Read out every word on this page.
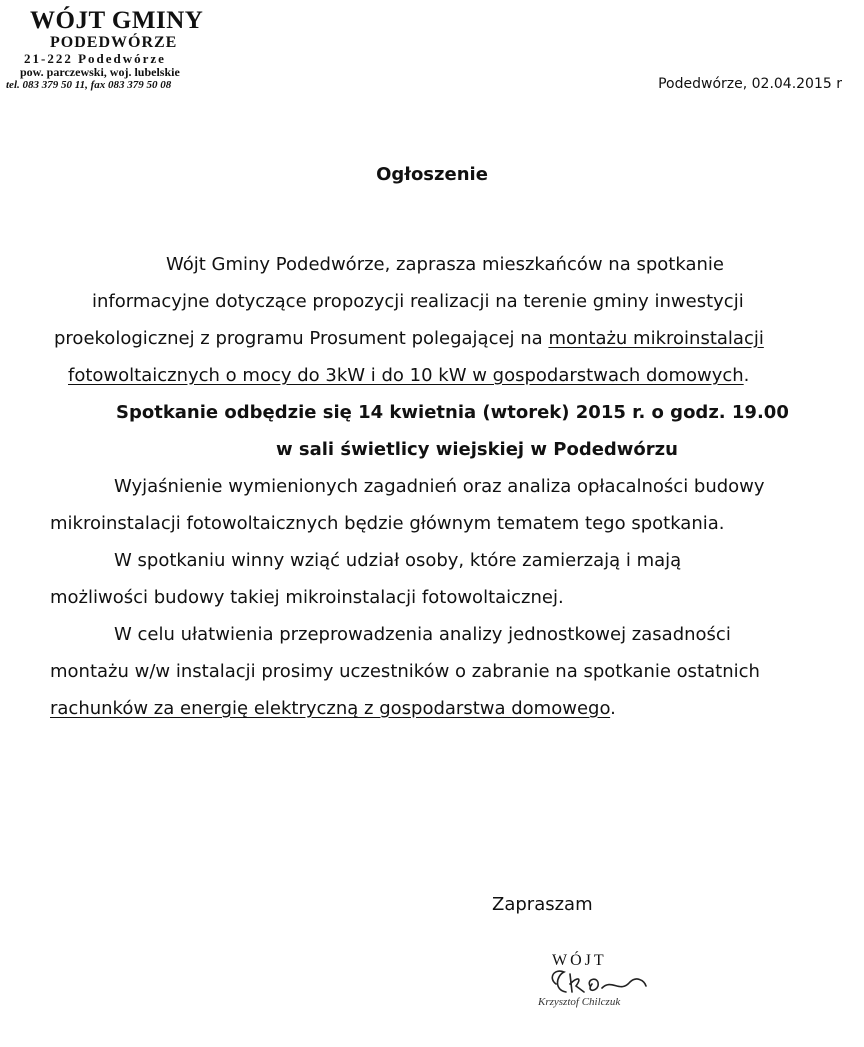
WÓJT GMINY
PODEDWÓRZE
21-222 Podedwórze
pow. parczewski, woj. lubelskie
tel. 083 379 50 11, fax 083 379 50 08	Podedwórze, 02.04.2015 r
Ogłoszenie
Wójt Gminy Podedwórze, zaprasza mieszkańców na spotkanie
informacyjne dotyczące propozycji realizacji na terenie gminy inwestycji
proekologicznej z programu Prosument polegającej na montażu mikroinstalacji
fotowoltaicznych o mocy do 3kW i do 10 kW w gospodarstwach domowych.
Spotkanie odbędzie się 14 kwietnia (wtorek) 2015 r. o godz. 19.00
w sali świetlicy wiejskiej w Podedwórzu
Wyjaśnienie wymienionych zagadnień oraz analiza opłacalności budowy
mikroinstalacji fotowoltaicznych będzie głównym tematem tego spotkania.
W spotkaniu winny wziąć udział osoby, które zamierzają i mają
możliwości budowy takiej mikroinstalacji fotowoltaicznej.
W celu ułatwienia przeprowadzenia analizy jednostkowej zasadności
montażu w/w instalacji prosimy uczestników o zabranie na spotkanie ostatnich
rachunków za energię elektryczną z gospodarstwa domowego.
Zapraszam
WÓJT
Krzysztof Chilczuk
